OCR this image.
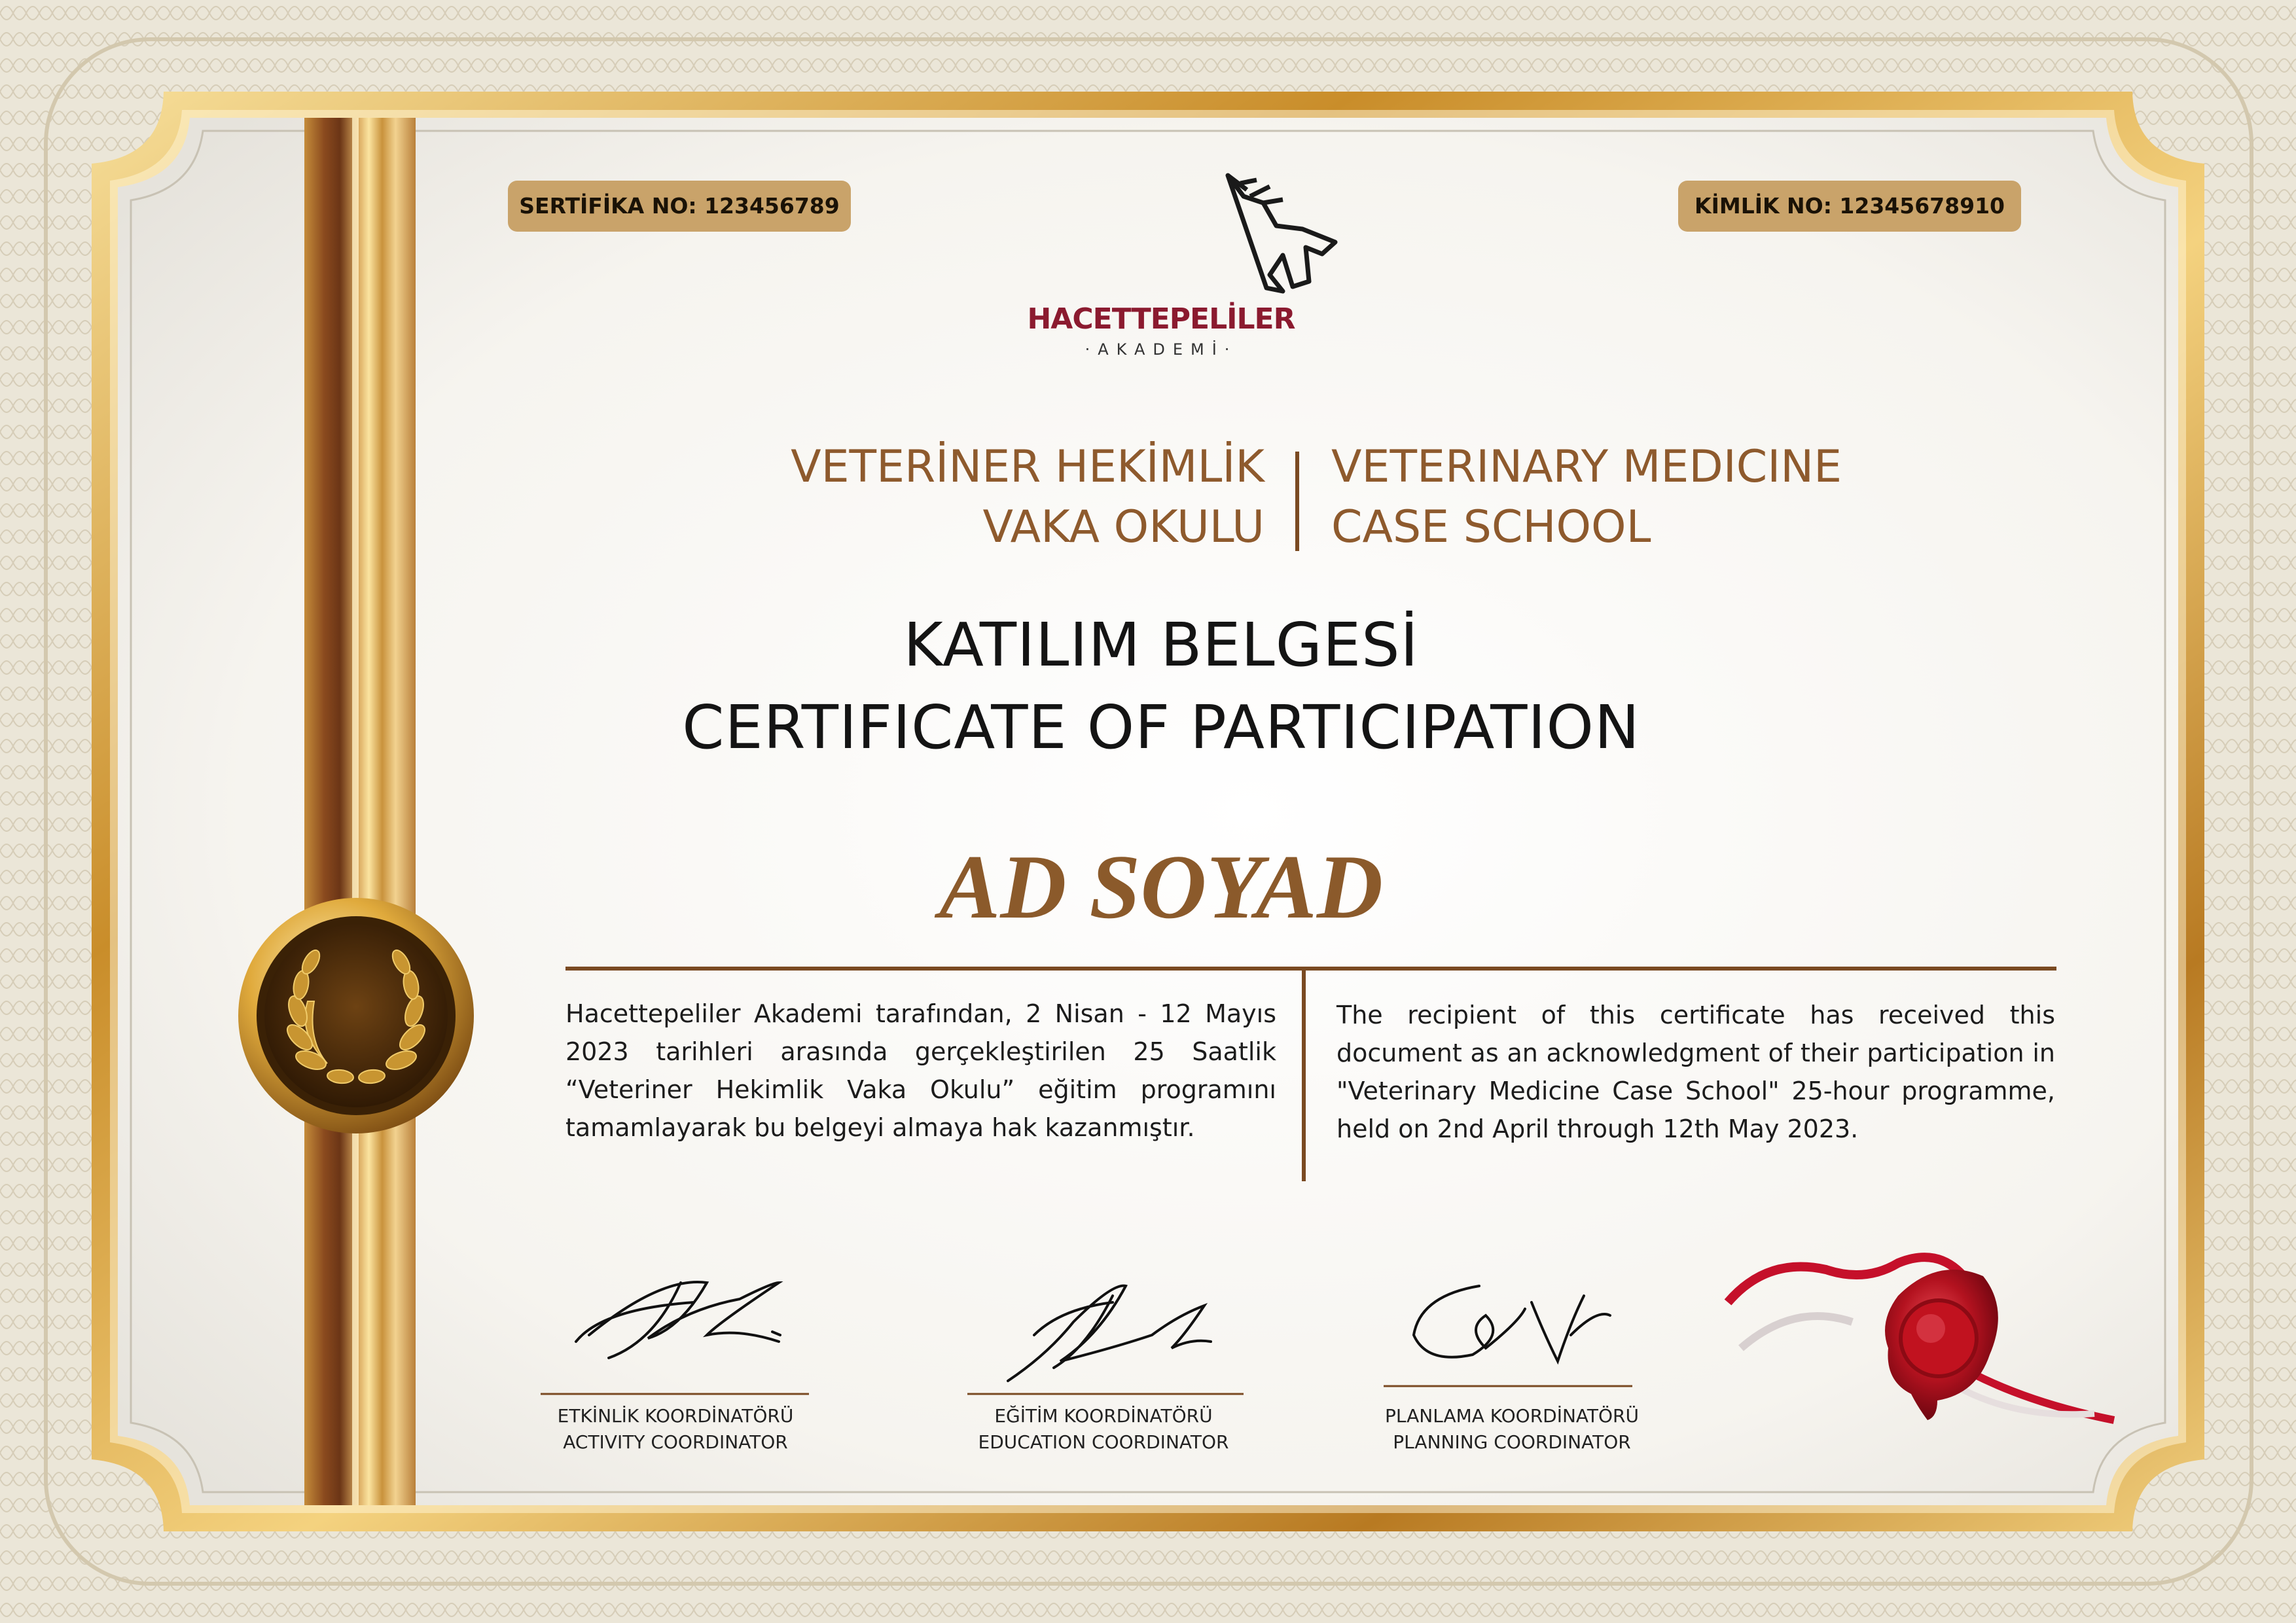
SERTİFİKA NO: 123456789	KİMLİK NO: 12345678910
HACETTEPELİLER
·AKADEMİ·
VETERİNER HEKİMLİK
VAKA OKULU
VETERINARY MEDICINE
CASE SCHOOL
KATILIM BELGESİ
CERTIFICATE OF PARTICIPATION
AD SOYAD
Hacettepeliler Akademi tarafından, 2 Nisan - 12 Mayıs 2023 tarihleri arasında gerçekleştirilen 25 Saatlik “Veteriner Hekimlik Vaka Okulu” eğitim programını tamamlayarak bu belgeyi almaya hak kazanmıştır.
The recipient of this certificate has received this document as an acknowledgment of their participation in "Veterinary Medicine Case School" 25-hour programme, held on 2nd April through 12th May 2023.
ETKİNLİK KOORDİNATÖRÜ
ACTIVITY COORDINATOR
EĞİTİM KOORDİNATÖRÜ
EDUCATION COORDINATOR
PLANLAMA KOORDİNATÖRÜ
PLANNING COORDINATOR
